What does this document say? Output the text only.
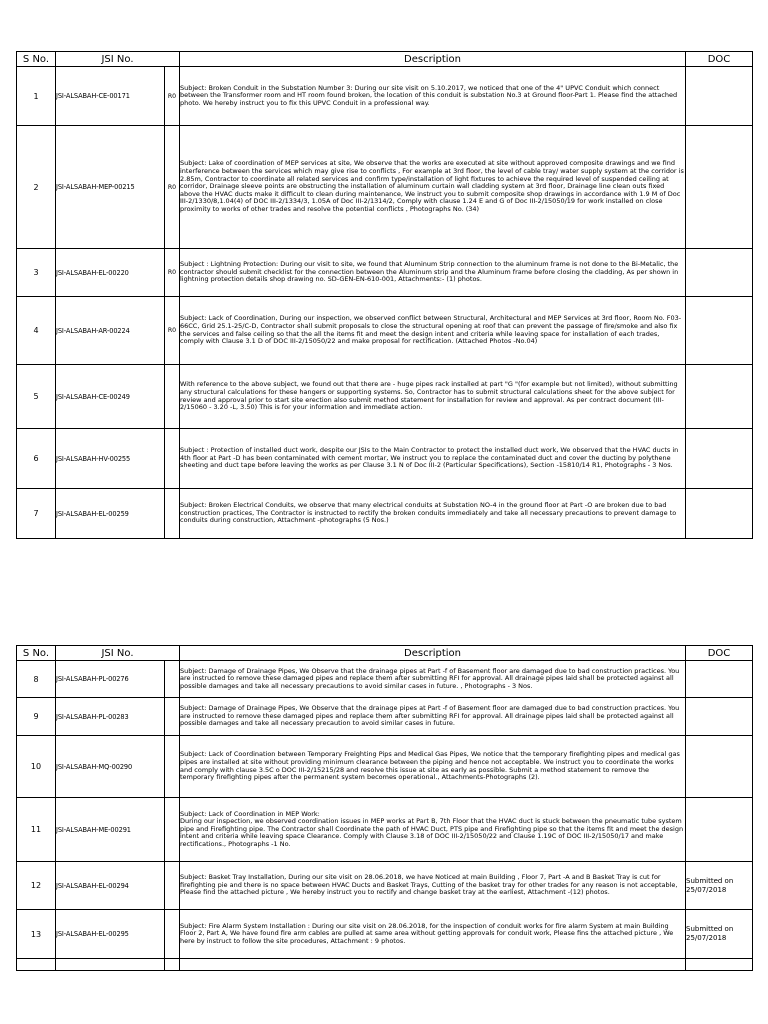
S No.	JSI No.		Description	DOC
1	JSI-ALSABAH-CE-00171	R0	Subject: Broken Conduit in the Substation Number 3: During our site visit on 5.10.2017, we noticed that one of the 4" UPVC Conduit which connect between the Transformer room and HT room found broken, the location of this conduit is substation No.3 at Ground floor-Part 1. Please find the attached photo. We hereby instruct you to fix this UPVC Conduit in a professional way.	
2	JSI-ALSABAH-MEP-00215	R0	Subject: Lake of coordination of MEP services at site, We observe that the works are executed at site without approved composite drawings and we find interference between the services which may give rise to conflicts , For example at 3rd floor, the level of cable tray/ water supply system at the corridor is 2.85m, Contractor to coordinate all related services and confirm type/installation of light fixtures to achieve the required level of suspended ceiling at corridor, Drainage sleeve points are obstructing the installation of aluminum curtain wall cladding system at 3rd floor, Drainage line clean outs fixed above the HVAC ducts make it difficult to clean during maintenance, We instruct you to submit composite shop drawings in accordance with 1.9 M of Doc III-2/1330/8,1.04(4) of DOC III-2/1334/3, 1.05A of Doc III-2/1314/2, Comply with clause 1.24 E and G of Doc III-2/15050/19 for work installed on close proximity to works of other trades and resolve the potential conflicts , Photographs No. (34)	
3	JSI-ALSABAH-EL-00220	R0	Subject : Lightning Protection: During our visit to site, we found that Aluminum Strip connection to the aluminum frame is not done to the Bi-Metalic, the contractor should submit checklist for the connection between the Aluminum strip and the Aluminum frame before closing the cladding, As per shown in lightning protection details shop drawing no. SD-GEN-EN-610-001, Attachments:- (1) photos.	
4	JSI-ALSABAH-AR-00224	R0	Subject: Lack of Coordination, During our inspection, we observed conflict between Structural, Architectural and MEP Services at 3rd floor, Room No. F03-66CC, Grid 25.1-25/C-D, Contractor shall submit proposals to close the structural opening at roof that can prevent the passage of fire/smoke and also fix the services and false ceiling so that the all the items fit and meet the design intent and criteria while leaving space for installation of each trades, comply with Clause 3.1 D of DOC III-2/15050/22 and make proposal for rectification. (Attached Photos -No.04)	
5	JSI-ALSABAH-CE-00249		With reference to the above subject, we found out that there are - huge pipes rack installed at part "G "(for example but not limited), without submitting any structural calculations for these hangers or supporting systems. So, Contractor has to submit structural calculations sheet for the above subject for review and approval prior to start site erection also submit method statement for installation for review and approval. As per contract document (III- 2/15060 - 3.20 -L, 3.50) This is for your information and immediate action.	
6	JSI-ALSABAH-HV-00255		Subject : Protection of installed duct work, despite our JSIs to the Main Contractor to protect the installed duct work, We observed that the HVAC ducts in 4th floor at Part -D has been contaminated with cement mortar, We instruct you to replace the contaminated duct and cover the ducting by polythene sheeting and duct tape before leaving the works as per Clause 3.1 N of Doc III-2 (Particular Specifications), Section -15810/14 R1, Photographs - 3 Nos.	
7	JSI-ALSABAH-EL-00259		Subject: Broken Electrical Conduits, we observe that many electrical conduits at Substation NO-4 in the ground floor at Part -O are broken due to bad construction practices, The Contractor is instructed to rectify the broken conduits immediately and take all necessary precautions to prevent damage to conduits during construction, Attachment -photographs (5 Nos.)	
S No.	JSI No.		Description	DOC
8	JSI-ALSABAH-PL-00276		Subject: Damage of Drainage Pipes, We Observe that the drainage pipes at Part -f of Basement floor are damaged due to bad construction practices. You are instructed to remove these damaged pipes and replace them after submitting RFI for approval. All drainage pipes laid shall be protected against all possible damages and take all necessary precautions to avoid similar cases in future. , Photographs - 3 Nos.	
9	JSI-ALSABAH-PL-00283		Subject: Damage of Drainage Pipes, We Observe that the drainage pipes at Part -f of Basement floor are damaged due to bad construction practices. You are instructed to remove these damaged pipes and replace them after submitting RFI for approval. All drainage pipes laid shall be protected against all possible damages and take all necessary precaution to avoid similar cases in future.	
10	JSI-ALSABAH-MQ-00290		Subject: Lack of Coordination between Temporary Freighting Pips and Medical Gas Pipes, We notice that the temporary firefighting pipes and medical gas pipes are installed at site without providing minimum clearance between the piping and hence not acceptable. We instruct you to coordinate the works and comply with clause 3.5C o DOC III-2/15215/28 and resolve this issue at site as early as possible. Submit a method statement to remove the temporary firefighting pipes after the permanent system becomes operational., Attachments-Photographs (2).	
11	JSI-ALSABAH-ME-00291		Subject: Lack of Coordination in MEP Work:
During our inspection, we observed coordination issues in MEP works at Part B, 7th Floor that the HVAC duct is stuck between the pneumatic tube system pipe and Firefighting pipe. The Contractor shall Coordinate the path of HVAC Duct, PTS pipe and Firefighting pipe so that the items fit and meet the design intent and criteria while leaving space Clearance. Comply with Clause 3.18 of DOC III-2/15050/22 and Clause 1.19C of DOC III-2/15050/17 and make rectifications., Photographs -1 No.	
12	JSI-ALSABAH-EL-00294		Subject: Basket Tray Installation, During our site visit on 28.06.2018, we have Noticed at main Building , Floor 7, Part -A and B Basket Tray is cut for firefighting pie and there is no space between HVAC Ducts and Basket Trays, Cutting of the basket tray for other trades for any reason is not acceptable, Please find the attached picture , We hereby instruct you to rectify and change basket tray at the earliest, Attachment -(12) photos.	Submitted on 25/07/2018
13	JSI-ALSABAH-EL-00295		Subject: Fire Alarm System Installation : During our site visit on 28.06.2018, for the inspection of conduit works for fire alarm System at main Building Floor 2, Part A, We have found fire arm cables are pulled at same area without getting approvals for conduit work, Please fins the attached picture , We here by instruct to follow the site procedures, Attachment : 9 photos.	Submitted on 25/07/2018
